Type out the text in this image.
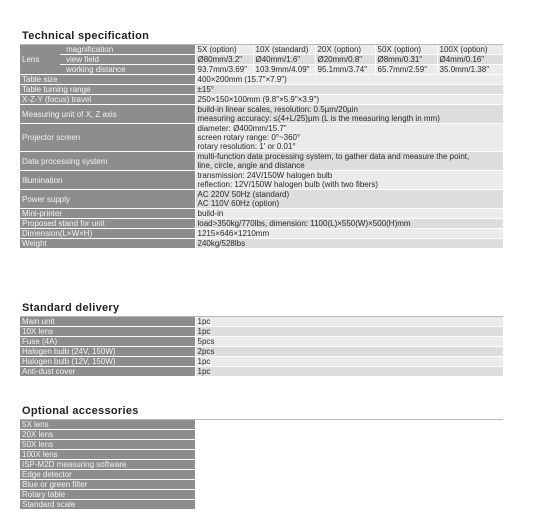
Technical specification
Lens	magnification	5X (option)	10X (standard)	20X (option)	50X (option)	100X (option)
	view field	Ø80mm/3.2"	Ø40mm/1.6"	Ø20mm/0.8"	Ø8mm/0.31"	Ø4mm/0.16"
	working distance	93.7mm/3.69"	103.9mm/4.09"	95.1mm/3.74"	65.7mm/2.59"	35.0mm/1.38"
Table size		400×200mm (15.7"×7.9")				

Table turning range		±15°				

X-Z-Y (focus) travel		250×150×100mm (9.8"×5.9"×3.9")				

Measuring unit of X, Z axis		build-in linear scales, resolution: 0.5µm/20µin
measuring accuracy: ≤(4+L/25)µm (L is the measuring length in mm)				

Projector screen		diameter: Ø400mm/15.7"
screen rotary range: 0°~360°
rotary resolution: 1' or 0.01°				

Data processing system		multi-function data processing system, to gather data and measure the point,
line, circle, angle and distance				

Illumination		transmission: 24V/150W halogen bulb
reflection: 12V/150W halogen bulb (with two fibers)				

Power supply		AC 220V 50Hz (standard)
AC 110V 60Hz (option)				

Mini-printer		build-in				

Proposed stand for unit		load>350kg/770lbs, dimension: 1100(L)×550(W)×500(H)mm				

Dimension(L×W×H)		1215×646×1210mm				

Weight		240kg/528lbs				
Standard delivery
Main unit	1pc
10X lens	1pc
Fuse (4A)	5pcs
Halogen bulb (24V, 150W)	2pcs
Halogen bulb (12V, 150W)	1pc
Anti-dust cover	1pc
Optional accessories
5X lens	
20X lens	
50X lens	
100X lens	
ISP-M2D measuring software	
Edge detector	
Blue or green filter	
Rotary table	
Standard scale	
